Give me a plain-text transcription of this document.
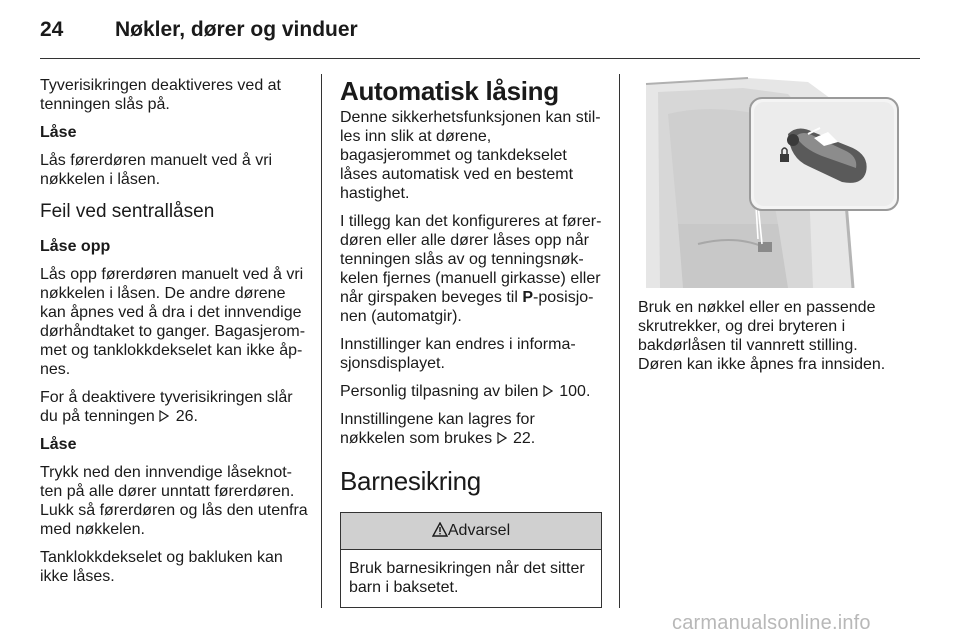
24 Nøkler, dører og vinduer

Tyverisikringen deaktiveres ved at tenningen slås på.

Låse

Lås førerdøren manuelt ved å vri nøkkelen i låsen.

Feil ved sentrallåsen

Låse opp

Lås opp førerdøren manuelt ved å vri nøkkelen i låsen. De andre dørene kan åpnes ved å dra i det innvendige dørhåndtaket to ganger. Bagasjerommet og tanklokkdekselet kan ikke åpnes.

For å deaktivere tyverisikringen slår du på tenningen 26.

Låse

Trykk ned den innvendige låseknotten på alle dører unntatt førerdøren. Lukk så førerdøren og lås den utenfra med nøkkelen.

Tanklokkdekselet og bakluken kan ikke låses.

Automatisk låsing

Denne sikkerhetsfunksjonen kan stilles inn slik at dørene, bagasjerommet og tankdekselet låses automatisk ved en bestemt hastighet.

I tillegg kan det konfigureres at førerdøren eller alle dører låses opp når tenningen slås av og tenningsnøkkelen fjernes (manuell girkasse) eller når girspaken beveges til P-posisjonen (automatgir).

Innstillinger kan endres i informasjonsdisplayet.

Personlig tilpasning av bilen 100.

Innstillingene kan lagres for nøkkelen som brukes 22.

Barnesikring
Advarsel
Bruk barnesikringen når det sitter barn i baksetet.

Bruk en nøkkel eller en passende skrutrekker, og drei bryteren i bakdørlåsen til vannrett stilling. Døren kan ikke åpnes fra innsiden.

carmanualsonline.info
